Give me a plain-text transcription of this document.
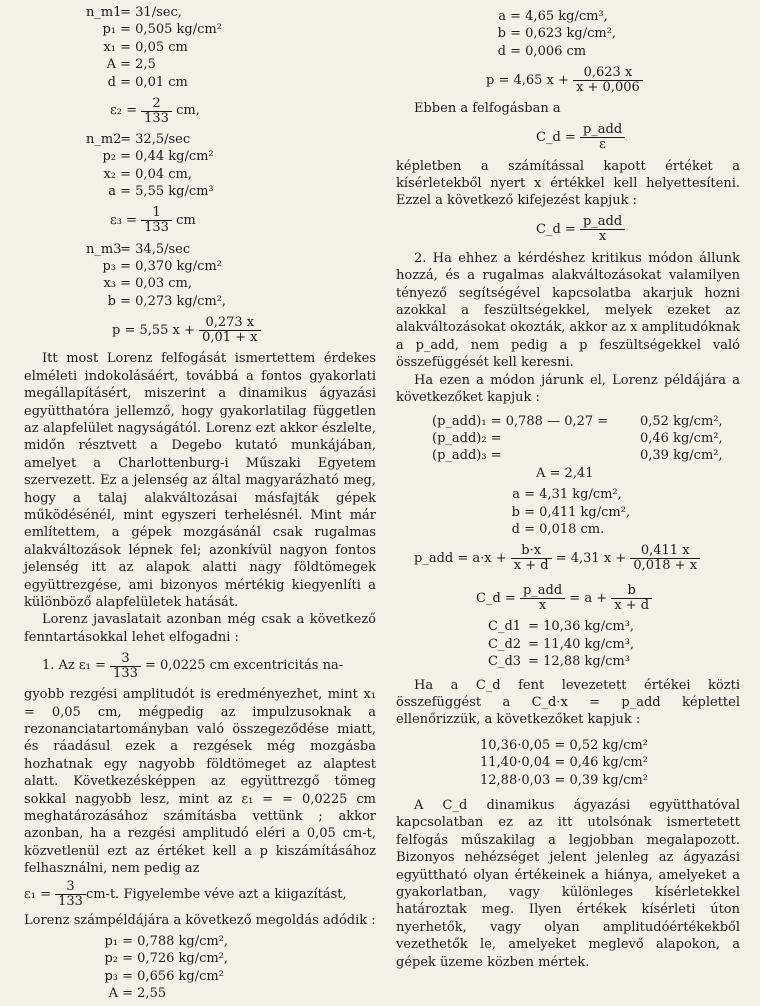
n_m1 = 31/sec,
p₁ = 0,505 kg/cm²
x₁ = 0,05 cm
A = 2,5
d = 0,01 cm
ε₂ =
$\frac{2}{133}$
cm,
n_m2 = 32,5/sec
p₂ = 0,44 kg/cm²
x₂ = 0,04 cm,
a = 5,55 kg/cm³
ε₃ =
$\frac{1}{133}$
cm
n_m3 = 34,5/sec
p₃ = 0,370 kg/cm²
x₃ = 0,03 cm,
b = 0,273 kg/cm²,
p = 5,55 x +
$\frac{0,273 x}{0,01 + x}$

Itt most Lorenz felfogását ismertettem érdekes elméleti indokolásáért, továbbá a fontos gyakorlati megállapításért, miszerint a dinamikus ágyazási együtthatóra jellemző, hogy gyakorlatilag független az alapfelület nagyságától. Lorenz ezt akkor észlelte, midőn résztvett a Degebo kutató munkájában, amelyet a Charlottenburg-i Műszaki Egyetem szervezett. Ez a jelenség az által magyarázható meg, hogy a talaj alakváltozásai másfajták gépek működésénél, mint egyszeri terhelésnél. Mint már említettem, a gépek mozgásánál csak rugalmas alakváltozások lépnek fel; azonkívül nagyon fontos jelenség itt az alapok alatti nagy földtömegek együttrezgése, ami bizonyos mértékig kiegyenlíti a különböző alapfelületek hatását.

Lorenz javaslatait azonban még csak a következő fenntartásokkal lehet elfogadni :

1. Az
ε₁ =
$\frac{3}{133}$
= 0,0225 cm excentricitás na-

gyobb rezgési amplitudót is eredményezhet, mint x₁ = 0,05 cm, mégpedig az impulzusoknak a rezonanciatartományban való összegeződése miatt, és ráadásul ezek a rezgések még mozgásba hozhatnak egy nagyobb földtömeget az alaptest alatt. Következésképpen az együttrezgő tömeg sokkal nagyobb lesz, mint az ε₁ = = 0,0225 cm meghatározásához számításba vettünk ; akkor azonban, ha a rezgési amplitudó eléri a 0,05 cm-t, közvetlenül ezt az értéket kell a p kiszámításához felhasználni, nem pedig az

ε₁ =
$\frac{3}{133} cm-t$. Figyelembe véve azt a kiigazítást,

Lorenz számpéldájára a következő megoldás adódik :

p₁ = 0,788 kg/cm²,
p₂ = 0,726 kg/cm²,
p₃ = 0,656 kg/cm²
A = 2,55
a = 4,65 kg/cm³,
b = 0,623 kg/cm²,
d = 0,006 cm
p = 4,65 x +
$\frac{0,623 x}{x + 0,006}$

Ebben a felfogásban a

C_d =
$\frac{\text{p\_add}}{\varepsilon}$

képletben a számítással kapott értéket a kísérletekből nyert x értékkel kell helyettesíteni. Ezzel a következő kifejezést kapjuk :

C_d =
$\frac{\text{p\_add}}{x}$

2. Ha ehhez a kérdéshez kritikus módon állunk hozzá, és a rugalmas alakváltozásokat valamilyen tényező segítségével kapcsolatba akarjuk hozni azokkal a feszültségekkel, melyek ezeket az alakváltozásokat okozták, akkor az x amplitudóknak a p_add, nem pedig a p feszültségekkel való összefüggését kell keresni.

Ha ezen a módon járunk el, Lorenz példájára a következőket kapjuk :

(p_add)₁ = 0,788 — 0,27 = 0,52 kg/cm²,
(p_add)₂ =	0,46 kg/cm²,
(p_add)₃ =	0,39 kg/cm²,
A = 2,41
a = 4,31 kg/cm²,
b = 0,411 kg/cm²,
d = 0,018 cm.
p_add = a·x +
$\frac{b\cdot x}{x + d}$
= 4,31 x +
$\frac{0,411 x}{0,018 + x}$
C_d =
$\frac{\text{p\_add}}{x}$
= a +
$\frac{b}{x + d}$
C_d1 = 10,36 kg/cm³,
C_d2 = 11,40 kg/cm³,
C_d3 = 12,88 kg/cm³

Ha a C_d fent levezetett értékei közti összefüggést a C_d·x = p_add képlettel ellenőrizzük, a következőket kapjuk :

10,36·0,05 = 0,52 kg/cm²
11,40·0,04 = 0,46 kg/cm²
12,88·0,03 = 0,39 kg/cm²

A C_d dinamikus ágyazási együtthatóval kapcsolatban ez az itt utolsónak ismertetett felfogás műszakilag a legjobban megalapozott. Bizonyos nehézséget jelent jelenleg az ágyazási együttható olyan értékeinek a hiánya, amelyeket a gyakorlatban, vagy különleges kísérletekkel határoztak meg. Ilyen értékek kísérleti úton nyerhetők, vagy olyan amplitudóértékekből vezethetők le, amelyeket meglevő alapokon, a gépek üzeme közben mértek.
